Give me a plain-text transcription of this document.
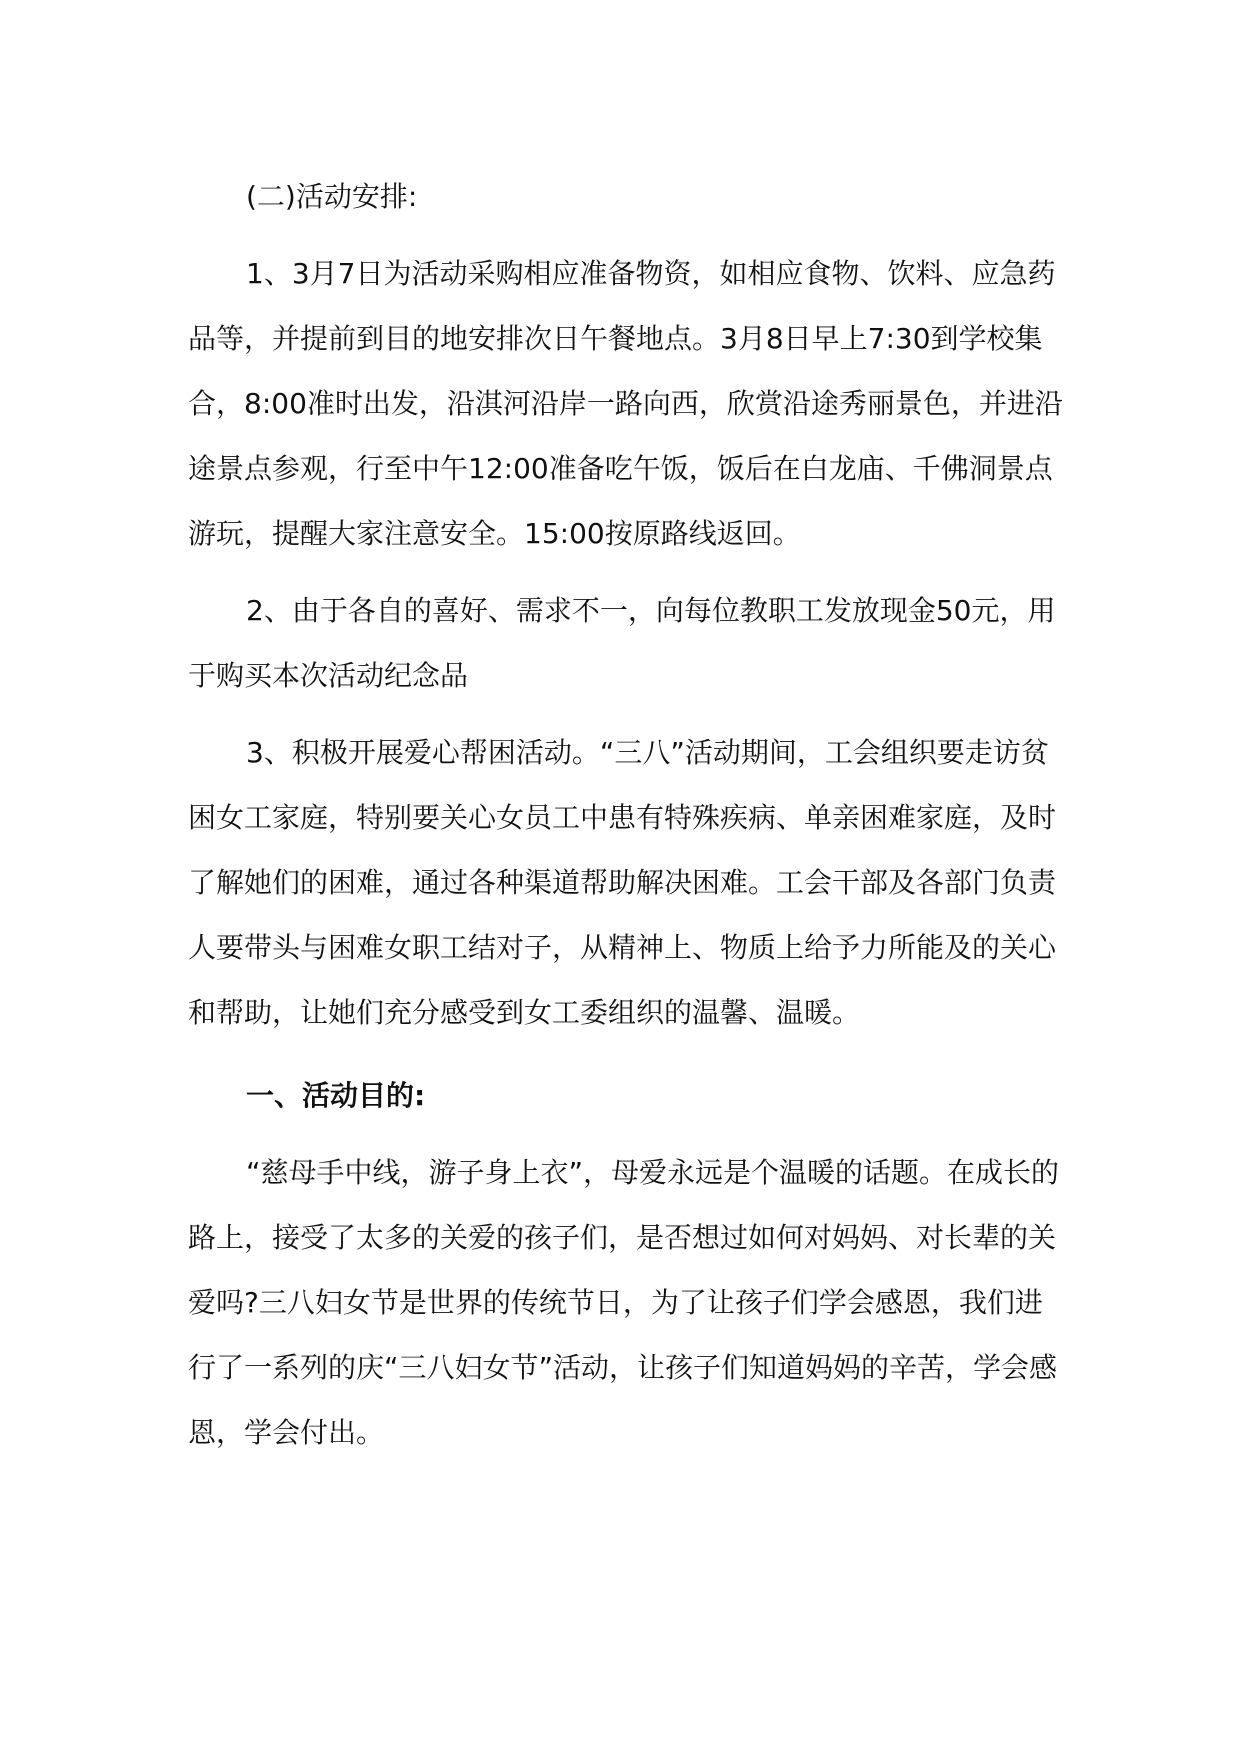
(二)活动安排:

1、3月7日为活动采购相应准备物资，如相应食物、饮料、应急药品等，并提前到目的地安排次日午餐地点。3月8日早上7:30到学校集合，8:00准时出发，沿淇河沿岸一路向西，欣赏沿途秀丽景色，并进沿途景点参观，行至中午12:00准备吃午饭，饭后在白龙庙、千佛洞景点游玩，提醒大家注意安全。15:00按原路线返回。

2、由于各自的喜好、需求不一，向每位教职工发放现金50元，用于购买本次活动纪念品

3、积极开展爱心帮困活动。“三八”活动期间，工会组织要走访贫困女工家庭，特别要关心女员工中患有特殊疾病、单亲困难家庭，及时了解她们的困难，通过各种渠道帮助解决困难。工会干部及各部门负责人要带头与困难女职工结对子，从精神上、物质上给予力所能及的关心和帮助，让她们充分感受到女工委组织的温馨、温暖。

一、活动目的:

“慈母手中线，游子身上衣”，母爱永远是个温暖的话题。在成长的路上，接受了太多的关爱的孩子们，是否想过如何对妈妈、对长辈的关爱吗?三八妇女节是世界的传统节日，为了让孩子们学会感恩，我们进行了一系列的庆“三八妇女节”活动，让孩子们知道妈妈的辛苦，学会感恩，学会付出。
